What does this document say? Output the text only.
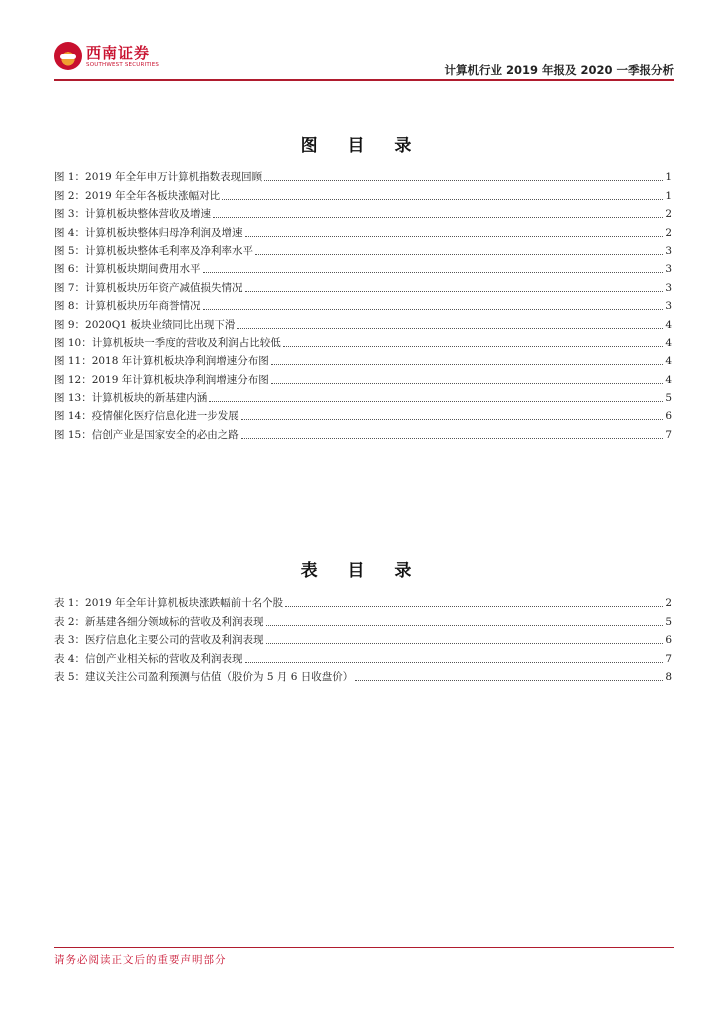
西南证券
SOUTHWEST SECURITIES	计算机行业 2019 年报及 2020 一季报分析
图 目 录
图 1：2019 年全年申万计算机指数表现回顾	1
图 2：2019 年全年各板块涨幅对比	1
图 3：计算机板块整体营收及增速	2
图 4：计算机板块整体归母净利润及增速	2
图 5：计算机板块整体毛利率及净利率水平	3
图 6：计算机板块期间费用水平	3
图 7：计算机板块历年资产减值损失情况	3
图 8：计算机板块历年商誉情况	3
图 9：2020Q1 板块业绩同比出现下滑	4
图 10：计算机板块一季度的营收及利润占比较低	4
图 11：2018 年计算机板块净利润增速分布图	4
图 12：2019 年计算机板块净利润增速分布图	4
图 13：计算机板块的新基建内涵	5
图 14：疫情催化医疗信息化进一步发展	6
图 15：信创产业是国家安全的必由之路	7
表 目 录
表 1：2019 年全年计算机板块涨跌幅前十名个股	2
表 2：新基建各细分领域标的营收及利润表现	5
表 3：医疗信息化主要公司的营收及利润表现	6
表 4：信创产业相关标的营收及利润表现	7
表 5：建议关注公司盈利预测与估值（股价为 5 月 6 日收盘价）	8
请务必阅读正文后的重要声明部分
